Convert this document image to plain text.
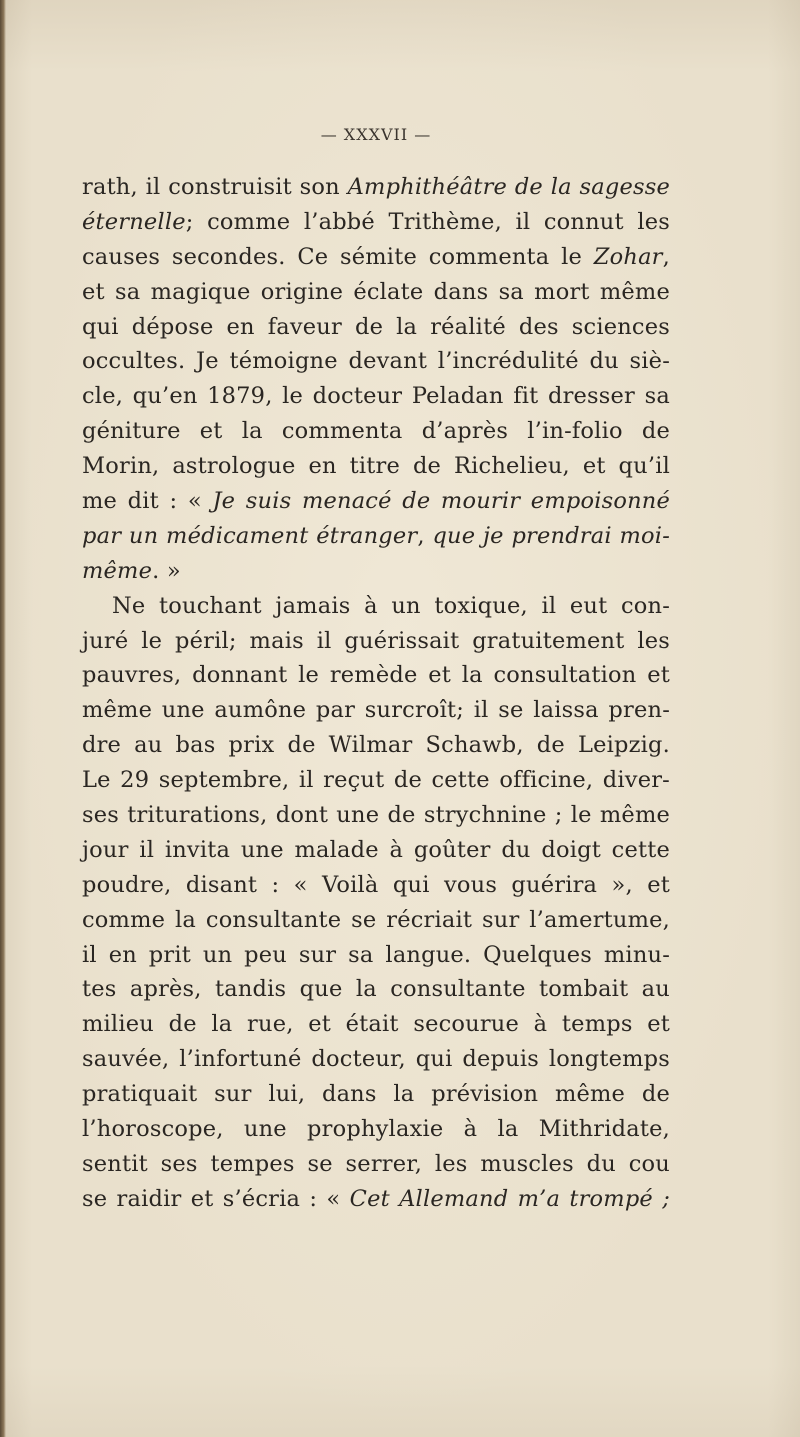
— XXXVII —
rath, il construisit son Amphithéâtre de la sagesse
éternelle; comme l’abbé Trithème, il connut les
causes secondes. Ce sémite commenta le Zohar,
et sa magique origine éclate dans sa mort même
qui dépose en faveur de la réalité des sciences
occultes. Je témoigne devant l’incrédulité du siè-
cle, qu’en 1879, le docteur Peladan fit dresser sa
géniture et la commenta d’après l’in-folio de
Morin, astrologue en titre de Richelieu, et qu’il
me dit : « Je suis menacé de mourir empoisonné
par un médicament étranger, que je prendrai moi-
même. »
Ne touchant jamais à un toxique, il eut con-
juré le péril; mais il guérissait gratuitement les
pauvres, donnant le remède et la consultation et
même une aumône par surcroît; il se laissa pren-
dre au bas prix de Wilmar Schawb, de Leipzig.
Le 29 septembre, il reçut de cette officine, diver-
ses triturations, dont une de strychnine ; le même
jour il invita une malade à goûter du doigt cette
poudre, disant : « Voilà qui vous guérira », et
comme la consultante se récriait sur l’amertume,
il en prit un peu sur sa langue. Quelques minu-
tes après, tandis que la consultante tombait au
milieu de la rue, et était secourue à temps et
sauvée, l’infortuné docteur, qui depuis longtemps
pratiquait sur lui, dans la prévision même de
l’horoscope, une prophylaxie à la Mithridate,
sentit ses tempes se serrer, les muscles du cou
se raidir et s’écria : « Cet Allemand m’a trompé ;
